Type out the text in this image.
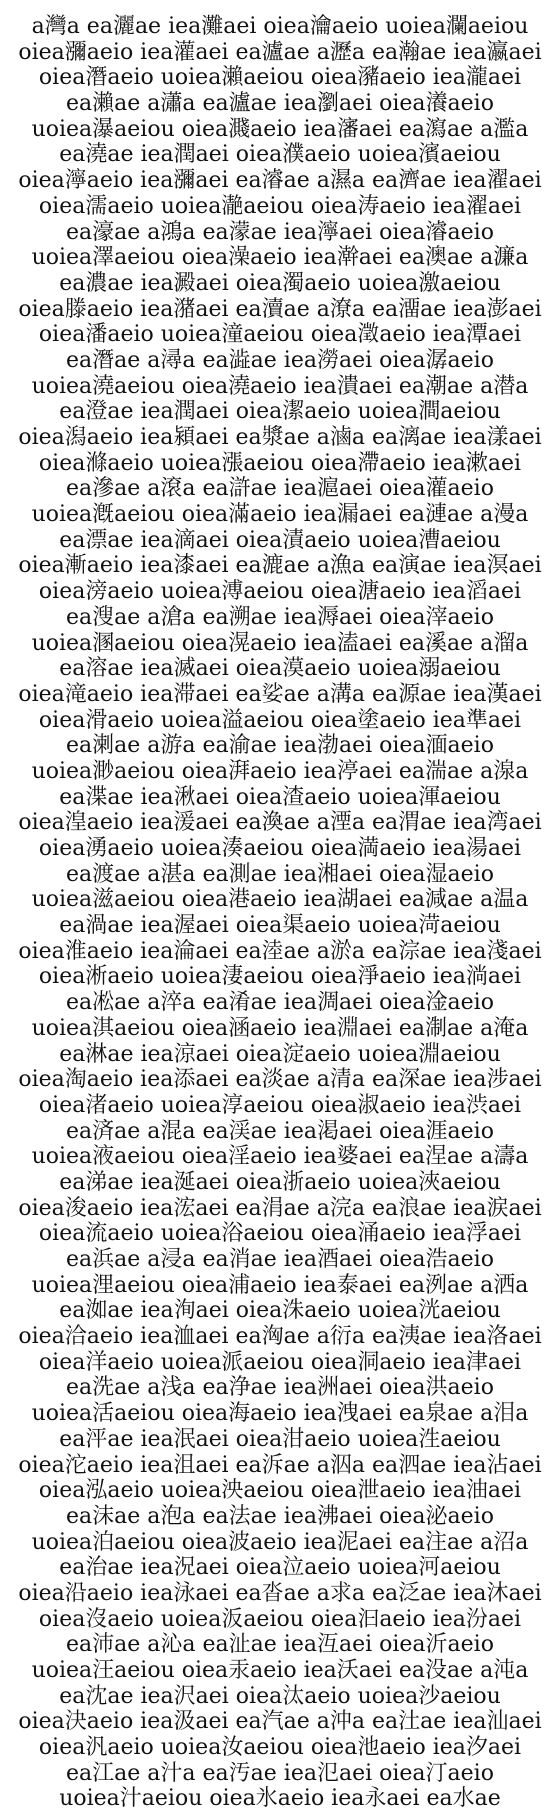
a灣a ea灑ae iea灘aei oiea瀹aeio uoiea瀾aeiou
oiea瀰aeio iea灌aei ea瀘ae a瀝a ea瀚ae iea瀛aei
oiea潛aeio uoiea瀨aeiou oiea瀦aeio iea瀧aei
ea瀨ae a瀟a ea瀘ae iea瀏aei oiea瀁aeio
uoiea瀑aeiou oiea濺aeio iea瀋aei ea瀉ae a濫a
ea澆ae iea潤aei oiea濮aeio uoiea濱aeiou
oiea濘aeio iea瀰aei ea濬ae a濕a ea濟ae iea濯aei
oiea濡aeio uoiea濪aeiou oiea涛aeio iea濯aei
ea濠ae a鴻a ea濛ae iea濘aei oiea濬aeio
uoiea澤aeiou oiea澡aeio iea澣aei ea澳ae a濂a
ea濃ae iea澱aei oiea濁aeio uoiea激aeiou
oiea滕aeio iea潴aei ea瀆ae a潦a ea澑ae iea澎aei
oiea潘aeio uoiea潼aeiou oiea澂aeio iea潭aei
ea潛ae a潯a ea澁ae iea澇aei oiea潺aeio
uoiea澆aeiou oiea澆aeio iea潰aei ea潮ae a潜a
ea澄ae iea潤aei oiea潔aeio uoiea澗aeiou
oiea潟aeio iea潁aei ea漿ae a滷a ea漓ae iea漾aei
oiea滌aeio uoiea漲aeiou oiea滯aeio iea漱aei
ea滲ae a滾a ea滸ae iea滬aei oiea灌aeio
uoiea漑aeiou oiea滿aeio iea漏aei ea漣ae a漫a
ea漂ae iea滴aei oiea漬aeio uoiea漕aeiou
oiea漸aeio iea漆aei ea漉ae a漁a ea演ae iea溟aei
oiea滂aeio uoiea溥aeiou oiea溏aeio iea滔aei
ea溲ae a滄a ea溯ae iea溽aei oiea滓aeio
uoiea溷aeiou oiea滉aeio iea溘aei ea溪ae a溜a
ea溶ae iea滅aei oiea漠aeio uoiea溺aeiou
oiea滝aeio iea滞aei ea娑ae a溝a ea源ae iea漢aei
oiea滑aeio uoiea溢aeiou oiea塗aeio iea準aei
ea溂ae a游a ea渝ae iea渤aei oiea湎aeio
uoiea渺aeiou oiea湃aeio iea渟aei ea湍ae a湶a
ea渫ae iea湫aei oiea渣aeio uoiea渾aeiou
oiea湟aeio iea湲aei ea渙ae a湮a ea渭ae iea湾aei
oiea湧aeio uoiea湊aeiou oiea満aeio iea湯aei
ea渡ae a湛a ea測ae iea湘aei oiea湿aeio
uoiea滋aeiou oiea港aeio iea湖aei ea減ae a温a
ea渦ae iea渥aei oiea渠aeio uoiea渮aeiou
oiea淮aeio iea淪aei ea淕ae a淤a ea淙ae iea淺aei
oiea淅aeio uoiea淒aeiou oiea淨aeio iea淌aei
ea凇ae a淬a ea淆ae iea淍aei oiea淦aeio
uoiea淇aeiou oiea涵aeio iea淵aei ea淛ae a淹a
ea淋ae iea涼aei oiea淀aeio uoiea淵aeiou
oiea淘aeio iea添aei ea淡ae a清a ea深ae iea涉aei
oiea渚aeio uoiea淳aeiou oiea淑aeio iea渋aei
ea済ae a混a ea渓ae iea渇aei oiea涯aeio
uoiea液aeiou oiea淫aeio iea婆aei ea涅ae a濤a
ea涕ae iea涎aei oiea浙aeio uoiea浹aeiou
oiea浚aeio iea浤aei ea涓ae a浣a ea浪ae iea涙aei
oiea流aeio uoiea浴aeiou oiea涌aeio iea浮aei
ea浜ae a浸a ea消ae iea酒aei oiea浩aeio
uoiea浬aeiou oiea浦aeio iea泰aei ea洌ae a洒a
ea洳ae iea洵aei oiea洙aeio uoiea洸aeiou
oiea洽aeio iea洫aei ea洶ae a衍a ea洟ae iea洛aei
oiea洋aeio uoiea派aeiou oiea洞aeio iea津aei
ea洗ae a浅a ea浄ae iea洲aei oiea洪aeio
uoiea活aeiou oiea海aeio iea洩aei ea泉ae a泪a
ea泙ae iea泯aei oiea泔aeio uoiea泩aeiou
oiea沱aeio iea沮aei ea泝ae a泅a ea泗ae iea沾aei
oiea泓aeio uoiea泱aeiou oiea泄aeio iea油aei
ea沫ae a泡a ea法ae iea沸aei oiea泌aeio
uoiea泊aeiou oiea波aeio iea泥aei ea注ae a沼a
ea治ae iea況aei oiea泣aeio uoiea河aeiou
oiea沿aeio iea泳aei ea沓ae a求a ea泛ae iea沐aei
oiea沒aeio uoiea汳aeiou oiea汩aeio iea汾aei
ea沛ae a沁a ea沚ae iea沍aei oiea沂aeio
uoiea汪aeiou oiea汞aeio iea沃aei ea没ae a沌a
ea沈ae iea沢aei oiea汰aeio uoiea沙aeiou
oiea決aeio iea汲aei ea汽ae a沖a ea汢ae iea汕aei
oiea汎aeio uoiea汝aeiou oiea池aeio iea汐aei
ea江ae a汁a ea汚ae iea氾aei oiea汀aeio
uoiea汁aeiou oiea氷aeio iea永aei ea水ae
